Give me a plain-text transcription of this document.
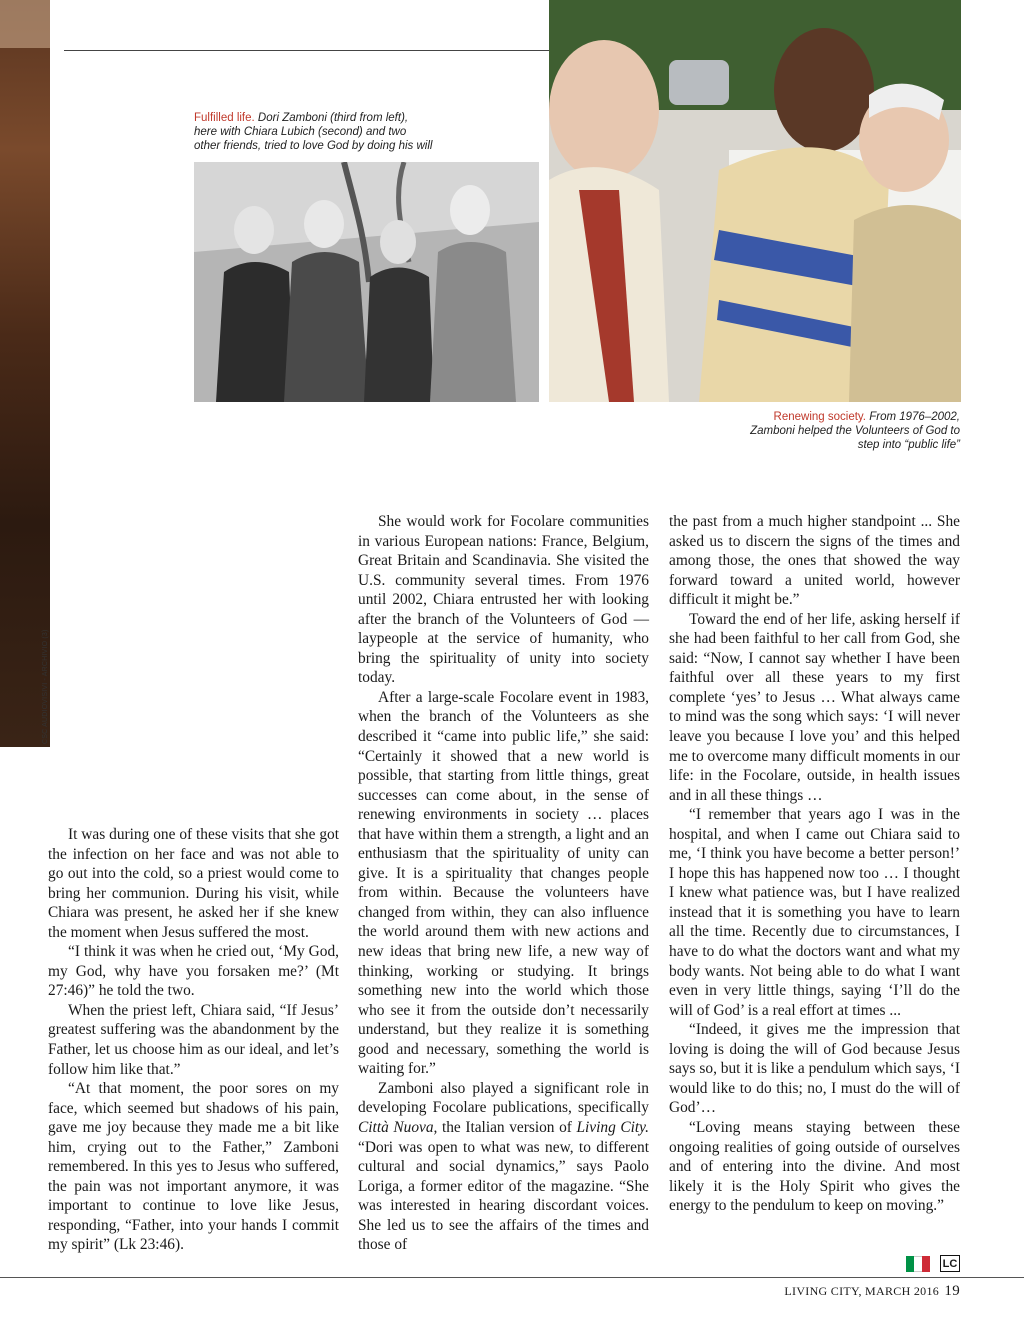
CSC AUDIOVISIVI - ARCHIVIO (3)
Fulfilled life. Dori Zamboni (third from left),
here with Chiara Lubich (second) and two
other friends, tried to love God by doing his will
Renewing society. From 1976–2002,
Zamboni helped the Volunteers of God to
step into “public life”

It was during one of these visits that she got the infection on her face and was not able to go out into the cold, so a priest would come to bring her communion. During his visit, while Chiara was present, he asked her if she knew the moment when Jesus suffered the most.

“I think it was when he cried out, ‘My God, my God, why have you forsaken me?’ (Mt 27:46)” he told the two.

When the priest left, Chiara said, “If Jesus’ greatest suffering was the abandonment by the Father, let us choose him as our ideal, and let’s follow him like that.”

“At that moment, the poor sores on my face, which seemed but shadows of his pain, gave me joy because they made me a bit like him, crying out to the Father,” Zamboni remembered. In this yes to Jesus who suffered, the pain was not important anymore, it was important to continue to love like Jesus, responding, “Father, into your hands I commit my spirit” (Lk 23:46).

She would work for Focolare communities in various European nations: France, Belgium, Great Britain and Scandinavia. She visited the U.S. community several times. From 1976 until 2002, Chiara entrusted her with looking after the branch of the Volunteers of God — laypeople at the service of humanity, who bring the spirituality of unity into society today.

After a large-scale Focolare event in 1983, when the branch of the Volunteers as she described it “came into public life,” she said: “Certainly it showed that a new world is possible, that starting from little things, great successes can come about, in the sense of renewing environments in society … places that have within them a strength, a light and an enthusiasm that the spirituality of unity can give. It is a spirituality that changes people from within. Because the volunteers have changed from within, they can also influence the world around them with new actions and new ideas that bring new life, a new way of thinking, working or studying. It brings something new into the world which those who see it from the outside don’t necessarily understand, but they realize it is something good and necessary, something the world is waiting for.”

Zamboni also played a significant role in developing Focolare publications, specifically Città Nuova, the Italian version of Living City. “Dori was open to what was new, to different cultural and social dynamics,” says Paolo Loriga, a former editor of the magazine. “She was interested in hearing discordant voices. She led us to see the affairs of the times and those of

the past from a much higher standpoint ... She asked us to discern the signs of the times and among those, the ones that showed the way forward toward a united world, however difficult it might be.”

Toward the end of her life, asking herself if she had been faithful to her call from God, she said: “Now, I cannot say whether I have been faithful over all these years to my first complete ‘yes’ to Jesus … What always came to mind was the song which says: ‘I will never leave you because I love you’ and this helped me to overcome many difficult moments in our life: in the Focolare, outside, in health issues and in all these things …

“I remember that years ago I was in the hospital, and when I came out Chiara said to me, ‘I think you have become a better person!’ I hope this has happened now too … I thought I knew what patience was, but I have realized instead that it is something you have to learn all the time. Recently due to circumstances, I have to do what the doctors want and what my body wants. Not being able to do what I want even in very little things, saying ‘I’ll do the will of God’ is a real effort at times ...

“Indeed, it gives me the impression that loving is doing the will of God because Jesus says so, but it is like a pendulum which says, ‘I would like to do this; no, I must do the will of God’…

“Loving means staying between these ongoing realities of going outside of ourselves and of entering into the divine. And most likely it is the Holy Spirit who gives the energy to the pendulum to keep on moving.”

LC
LIVING CITY, MARCH 2016 19
